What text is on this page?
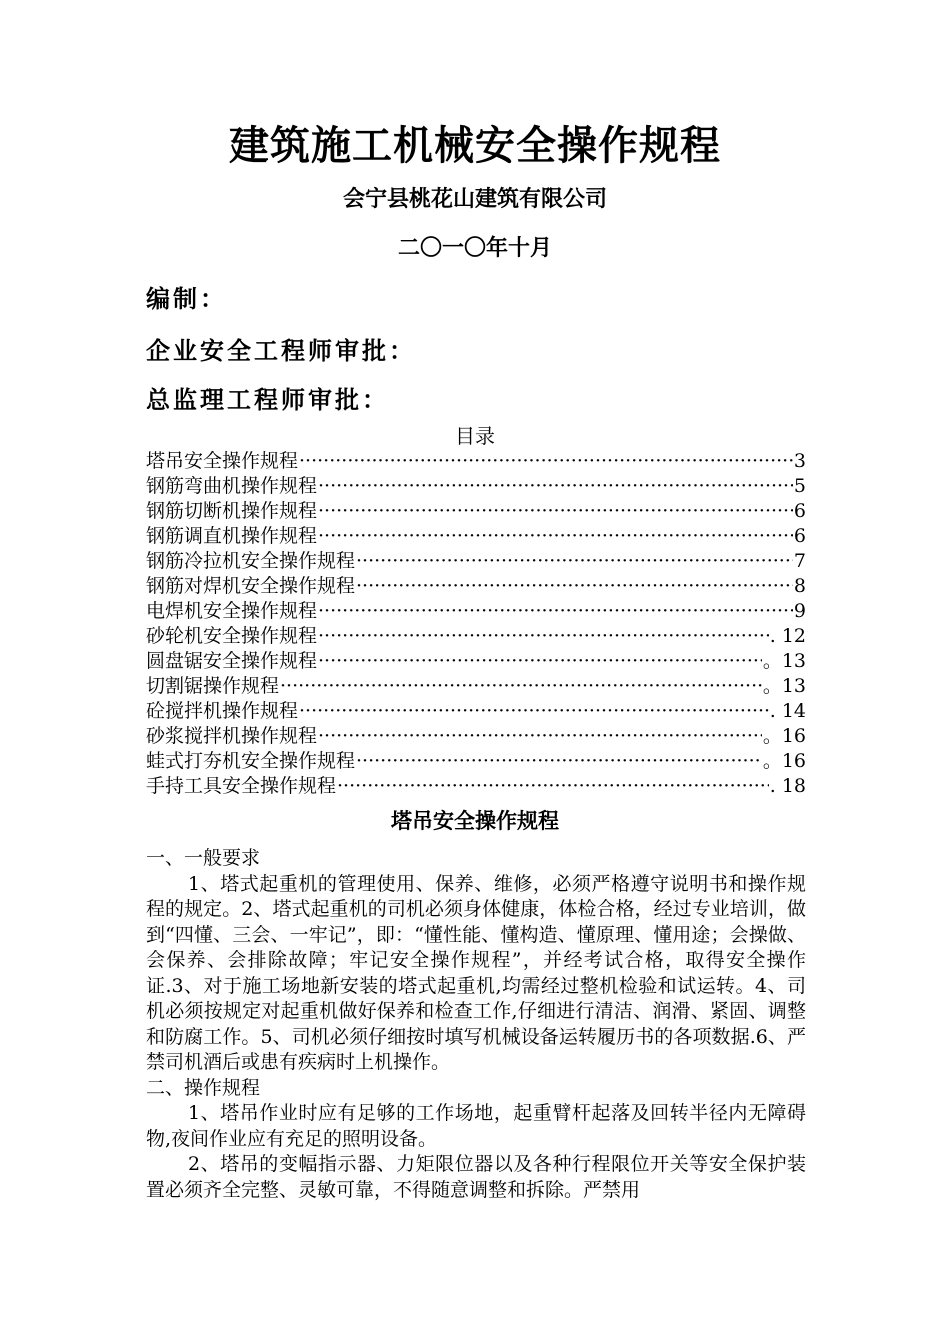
建筑施工机械安全操作规程
会宁县桃花山建筑有限公司
二〇一〇年十月
编制：
企业安全工程师审批：
总监理工程师审批：
目录
塔吊安全操作规程 ·····	3
钢筋弯曲机操作规程 ·····	5
钢筋切断机操作规程 ·····	6
钢筋调直机操作规程 ·····	6
钢筋冷拉机安全操作规程 ·····	7
钢筋对焊机安全操作规程 ·····	8
电焊机安全操作规程 ·····	9
砂轮机安全操作规程 ·····	. 12
圆盘锯安全操作规程 ·····	。13
切割锯操作规程 ·····	。13
砼搅拌机操作规程 ·····	. 14
砂浆搅拌机操作规程 ·····	。16
蛙式打夯机安全操作规程 ·····	。16
手持工具安全操作规程 ·····	. 18
塔吊安全操作规程

一、一般要求

1、塔式起重机的管理使用、保养、维修，必须严格遵守说明书和操作规程的规定。2、塔式起重机的司机必须身体健康，体检合格，经过专业培训，做到“四懂、三会、一牢记”，即：“懂性能、懂构造、懂原理、懂用途；会操做、会保养、会排除故障；牢记安全操作规程”，并经考试合格，取得安全操作证.3、对于施工场地新安装的塔式起重机,均需经过整机检验和试运转。4、司机必须按规定对起重机做好保养和检查工作,仔细进行清洁、润滑、紧固、调整和防腐工作。5、司机必须仔细按时填写机械设备运转履历书的各项数据.6、严禁司机酒后或患有疾病时上机操作。

二、操作规程

1、塔吊作业时应有足够的工作场地，起重臂杆起落及回转半径内无障碍物,夜间作业应有充足的照明设备。

2、塔吊的变幅指示器、力矩限位器以及各种行程限位开关等安全保护装置必须齐全完整、灵敏可靠，不得随意调整和拆除。严禁用
